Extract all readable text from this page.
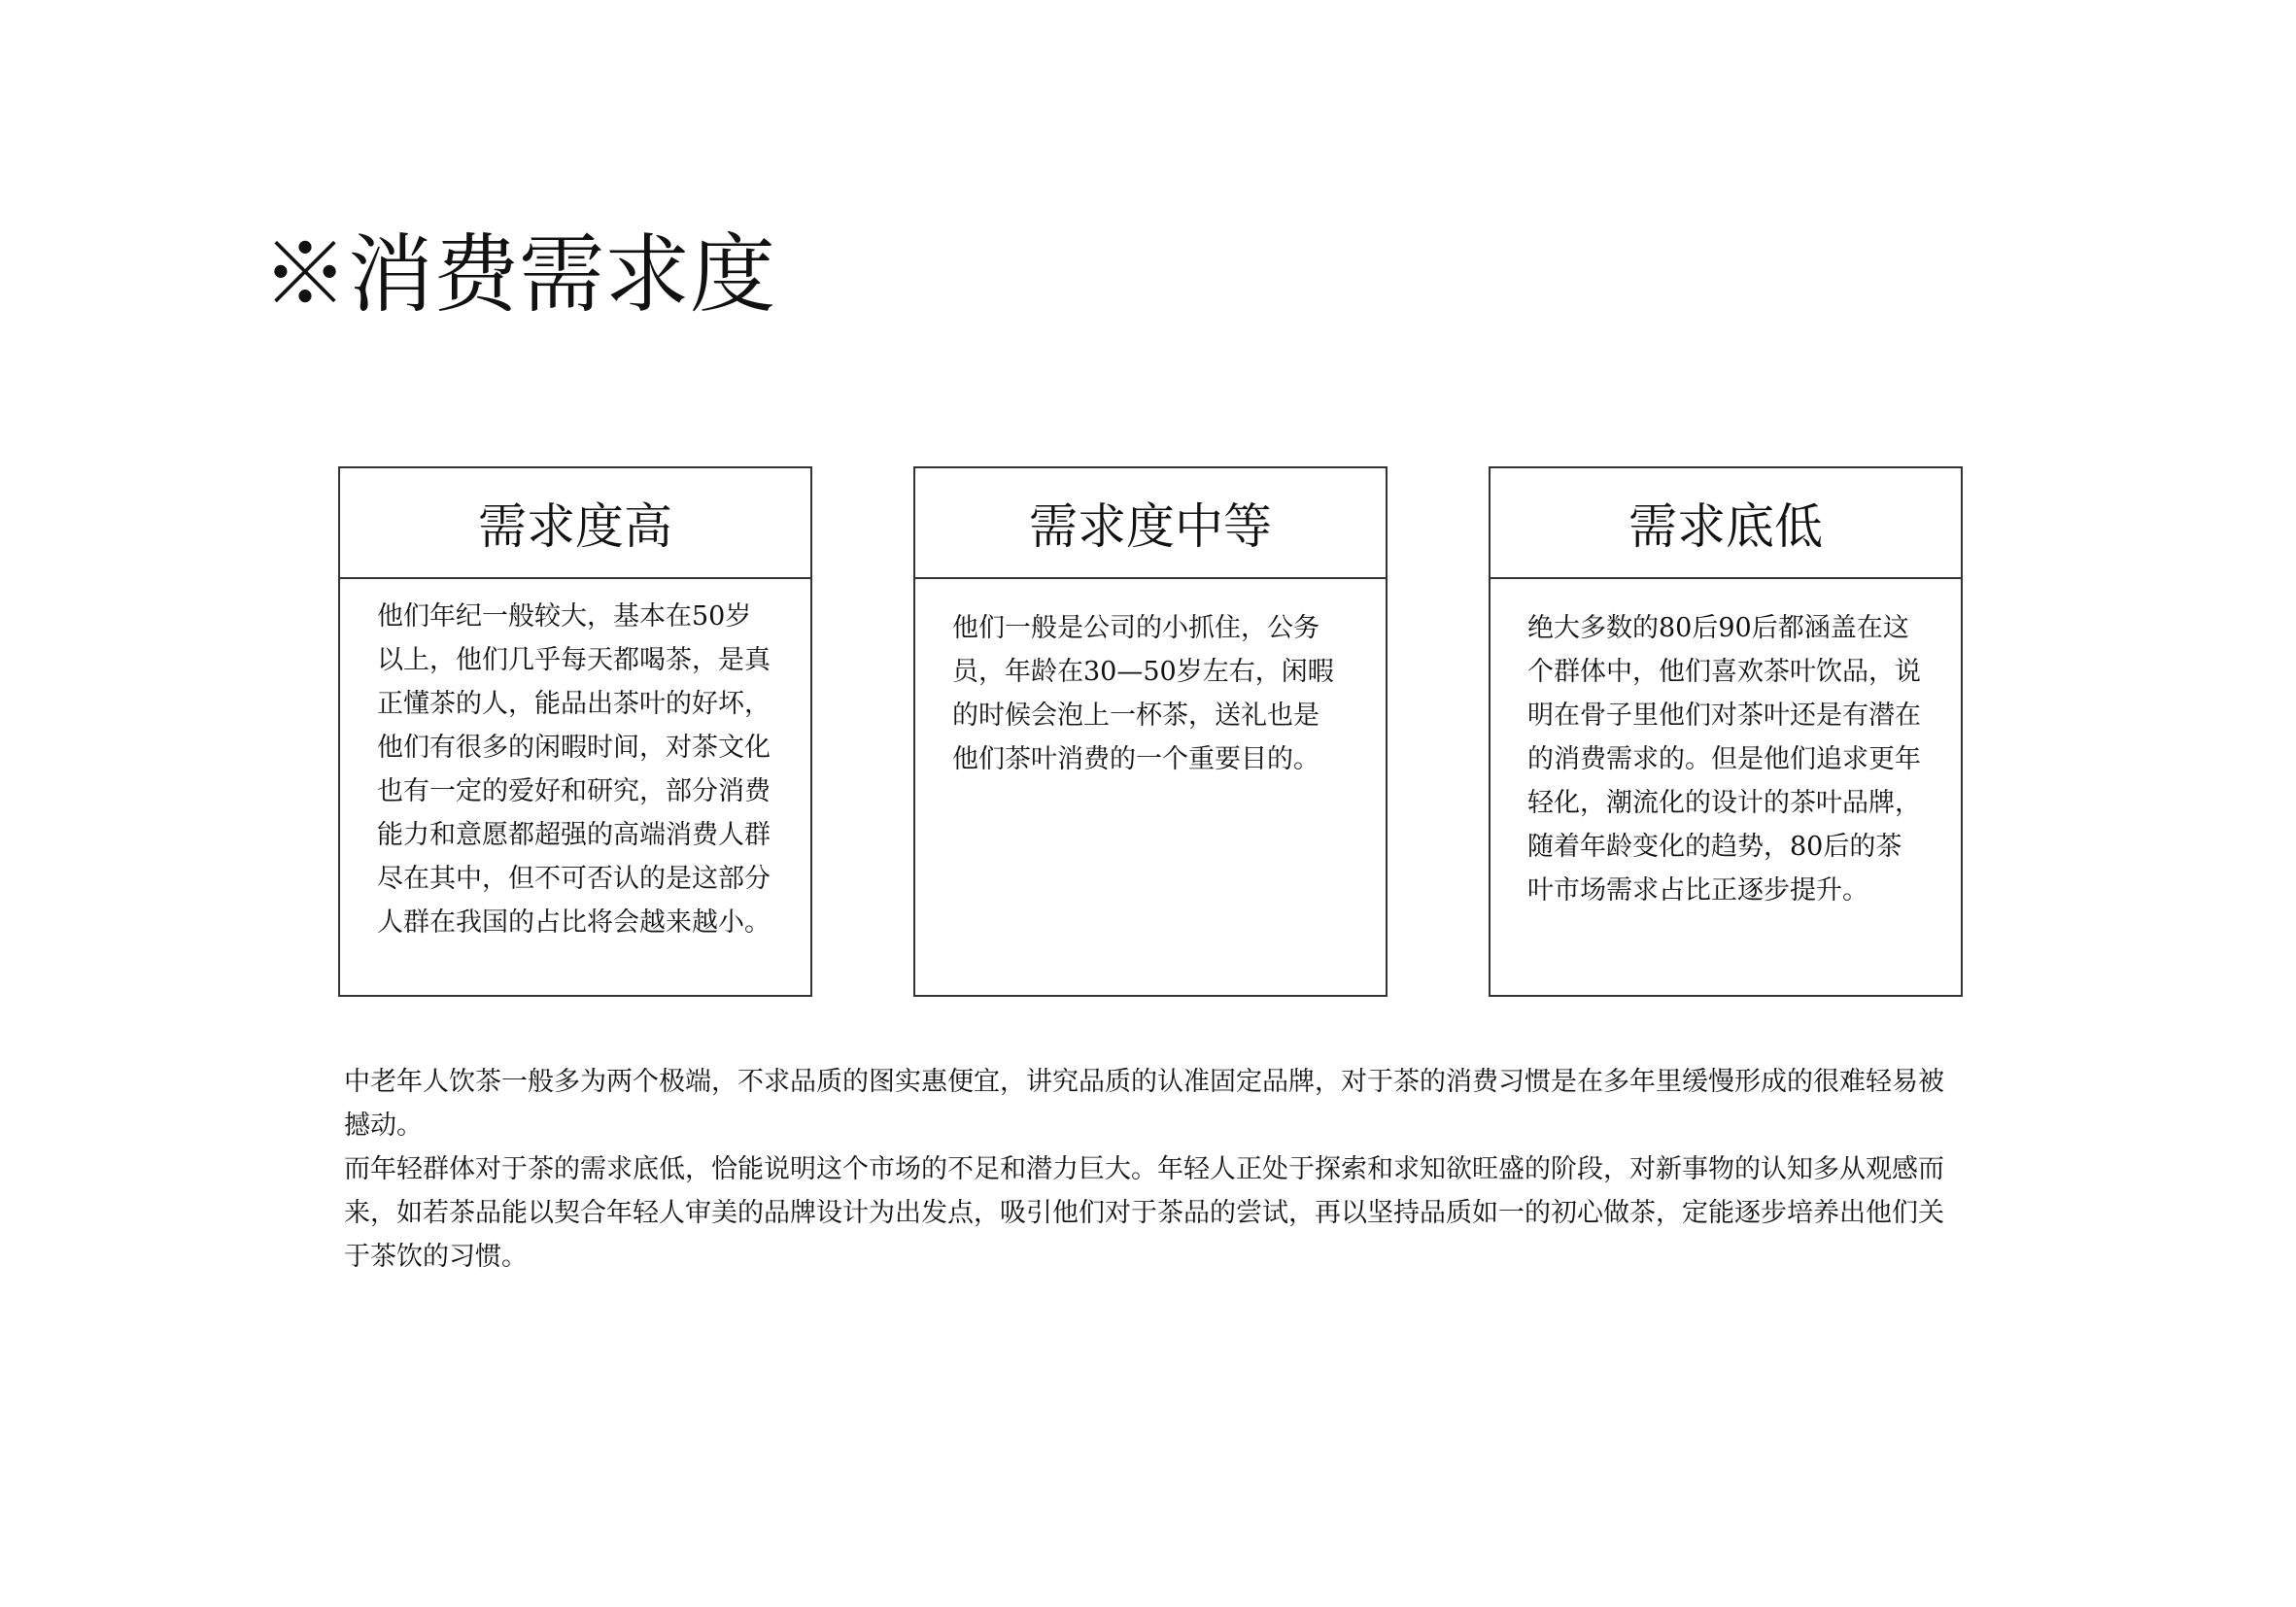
※消费需求度
需求度高
他们年纪一般较大，基本在50岁以上，他们几乎每天都喝茶，是真正懂茶的人，能品出茶叶的好坏，他们有很多的闲暇时间，对茶文化也有一定的爱好和研究，部分消费能力和意愿都超强的高端消费人群尽在其中，但不可否认的是这部分人群在我国的占比将会越来越小。
需求度中等
他们一般是公司的小抓住，公务员，年龄在30—50岁左右，闲暇的时候会泡上一杯茶，送礼也是他们茶叶消费的一个重要目的。
需求底低
绝大多数的80后90后都涵盖在这个群体中，他们喜欢茶叶饮品，说明在骨子里他们对茶叶还是有潜在的消费需求的。但是他们追求更年轻化，潮流化的设计的茶叶品牌，随着年龄变化的趋势，80后的茶叶市场需求占比正逐步提升。

中老年人饮茶一般多为两个极端，不求品质的图实惠便宜，讲究品质的认准固定品牌，对于茶的消费习惯是在多年里缓慢形成的很难轻易被撼动。

而年轻群体对于茶的需求底低，恰能说明这个市场的不足和潜力巨大。年轻人正处于探索和求知欲旺盛的阶段，对新事物的认知多从观感而来，如若茶品能以契合年轻人审美的品牌设计为出发点，吸引他们对于茶品的尝试，再以坚持品质如一的初心做茶，定能逐步培养出他们关于茶饮的习惯。
